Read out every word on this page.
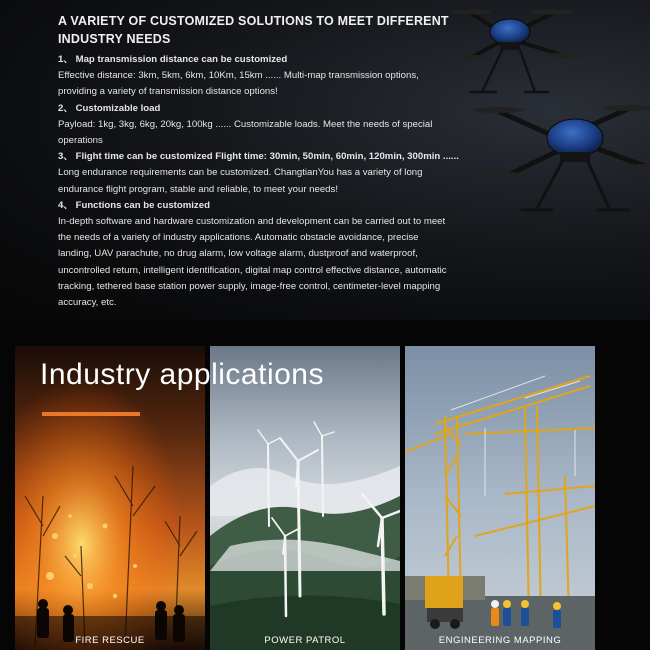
A VARIETY OF CUSTOMIZED SOLUTIONS TO MEET DIFFERENT
INDUSTRY NEEDS
1、 Map transmission distance can be customized
Effective distance: 3km, 5km, 6km, 10Km, 15km ...... Multi-map transmission options,
providing a variety of transmission distance options!
2、 Customizable load
Payload: 1kg, 3kg, 6kg, 20kg, 100kg ...... Customizable loads. Meet the needs of special
operations
3、 Flight time can be customized Flight time: 30min, 50min, 60min, 120min, 300min ......
Long endurance requirements can be customized. ChangtianYou has a variety of long
endurance flight program, stable and reliable, to meet your needs!
4、 Functions can be customized
In-depth software and hardware customization and development can be carried out to meet
the needs of a variety of industry applications. Automatic obstacle avoidance, precise
landing, UAV parachute, no drug alarm, low voltage alarm, dustproof and waterproof,
uncontrolled return, intelligent identification, digital map control effective distance, automatic
tracking, tethered base station power supply, image-free control, centimeter-level mapping
accuracy, etc.
Industry applications
FIRE RESCUE	POWER PATROL	ENGINEERING MAPPING
